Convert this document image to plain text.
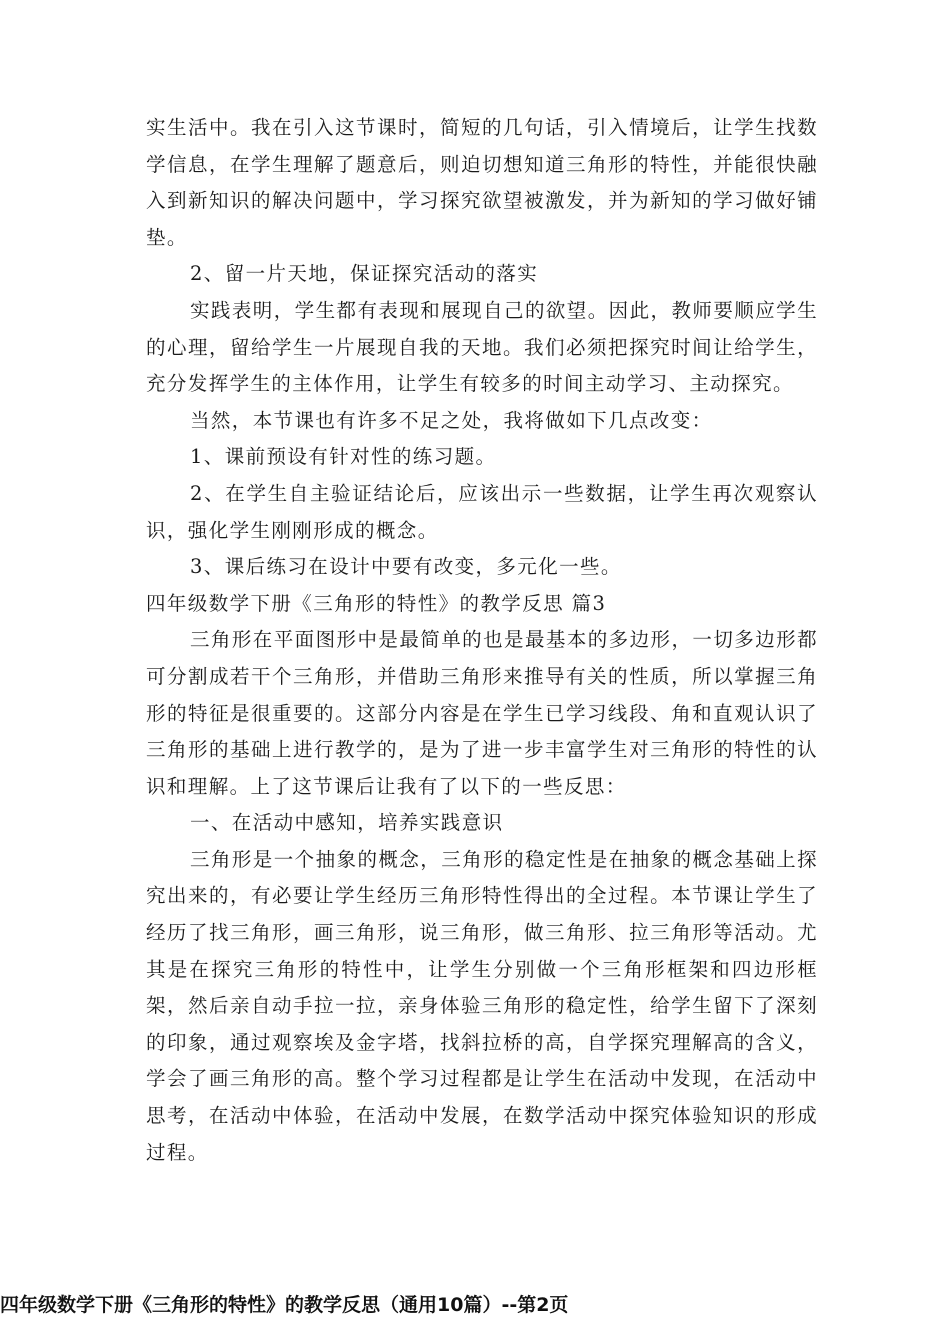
实生活中。我在引入这节课时，简短的几句话，引入情境后，让学生找数学信息，在学生理解了题意后，则迫切想知道三角形的特性，并能很快融入到新知识的解决问题中，学习探究欲望被激发，并为新知的学习做好铺垫。

2、留一片天地，保证探究活动的落实

实践表明，学生都有表现和展现自己的欲望。因此，教师要顺应学生的心理，留给学生一片展现自我的天地。我们必须把探究时间让给学生，充分发挥学生的主体作用，让学生有较多的时间主动学习、主动探究。

当然，本节课也有许多不足之处，我将做如下几点改变：

1、课前预设有针对性的练习题。

2、在学生自主验证结论后，应该出示一些数据，让学生再次观察认识，强化学生刚刚形成的概念。

3、课后练习在设计中要有改变，多元化一些。

四年级数学下册《三角形的特性》的教学反思 篇3

三角形在平面图形中是最简单的也是最基本的多边形，一切多边形都可分割成若干个三角形，并借助三角形来推导有关的性质，所以掌握三角形的特征是很重要的。这部分内容是在学生已学习线段、角和直观认识了三角形的基础上进行教学的，是为了进一步丰富学生对三角形的特性的认识和理解。上了这节课后让我有了以下的一些反思：

一、在活动中感知，培养实践意识

三角形是一个抽象的概念，三角形的稳定性是在抽象的概念基础上探究出来的，有必要让学生经历三角形特性得出的全过程。本节课让学生了经历了找三角形，画三角形，说三角形，做三角形、拉三角形等活动。尤其是在探究三角形的特性中，让学生分别做一个三角形框架和四边形框架，然后亲自动手拉一拉，亲身体验三角形的稳定性，给学生留下了深刻的印象，通过观察埃及金字塔，找斜拉桥的高，自学探究理解高的含义，学会了画三角形的高。整个学习过程都是让学生在活动中发现，在活动中思考，在活动中体验，在活动中发展，在数学活动中探究体验知识的形成过程。

四年级数学下册《三角形的特性》的教学反思（通用10篇）--第2页
